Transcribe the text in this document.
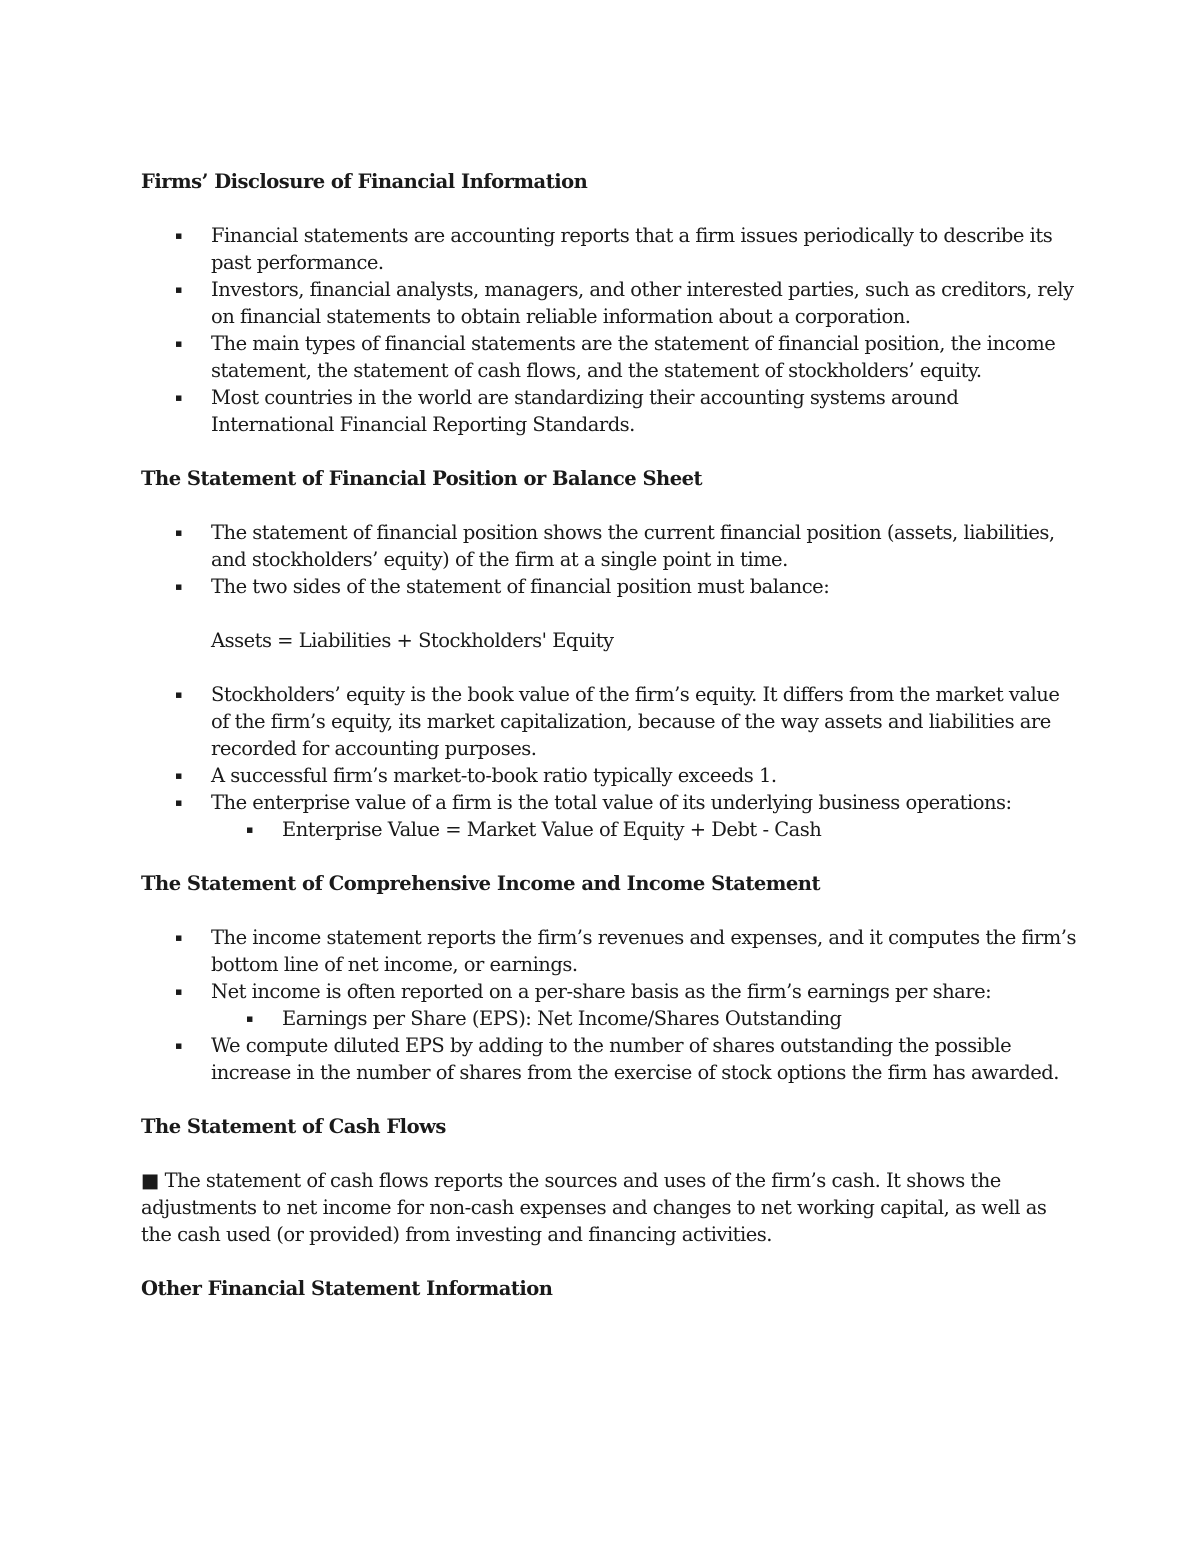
Firms’ Disclosure of Financial Information
▪ Financial statements are accounting reports that a firm issues periodically to describe its past performance.
▪ Investors, financial analysts, managers, and other interested parties, such as creditors, rely on financial statements to obtain reliable information about a corporation.
▪ The main types of financial statements are the statement of financial position, the income statement, the statement of cash flows, and the statement of stockholders’ equity.
▪ Most countries in the world are standardizing their accounting systems around International Financial Reporting Standards.
The Statement of Financial Position or Balance Sheet
▪ The statement of financial position shows the current financial position (assets, liabilities, and stockholders’ equity) of the firm at a single point in time.
▪ The two sides of the statement of financial position must balance:
Assets = Liabilities + Stockholders' Equity
▪ Stockholders’ equity is the book value of the firm’s equity. It differs from the market value of the firm’s equity, its market capitalization, because of the way assets and liabilities are recorded for accounting purposes.
▪ A successful firm’s market-to-book ratio typically exceeds 1.
▪ The enterprise value of a firm is the total value of its underlying business operations:
▪ Enterprise Value = Market Value of Equity + Debt - Cash
The Statement of Comprehensive Income and Income Statement
▪ The income statement reports the firm’s revenues and expenses, and it computes the firm’s bottom line of net income, or earnings.
▪ Net income is often reported on a per-share basis as the firm’s earnings per share:
▪ Earnings per Share (EPS): Net Income/Shares Outstanding
▪ We compute diluted EPS by adding to the number of shares outstanding the possible increase in the number of shares from the exercise of stock options the firm has awarded.
The Statement of Cash Flows

■ The statement of cash flows reports the sources and uses of the firm’s cash. It shows the adjustments to net income for non-cash expenses and changes to net working capital, as well as the cash used (or provided) from investing and financing activities.

Other Financial Statement Information
